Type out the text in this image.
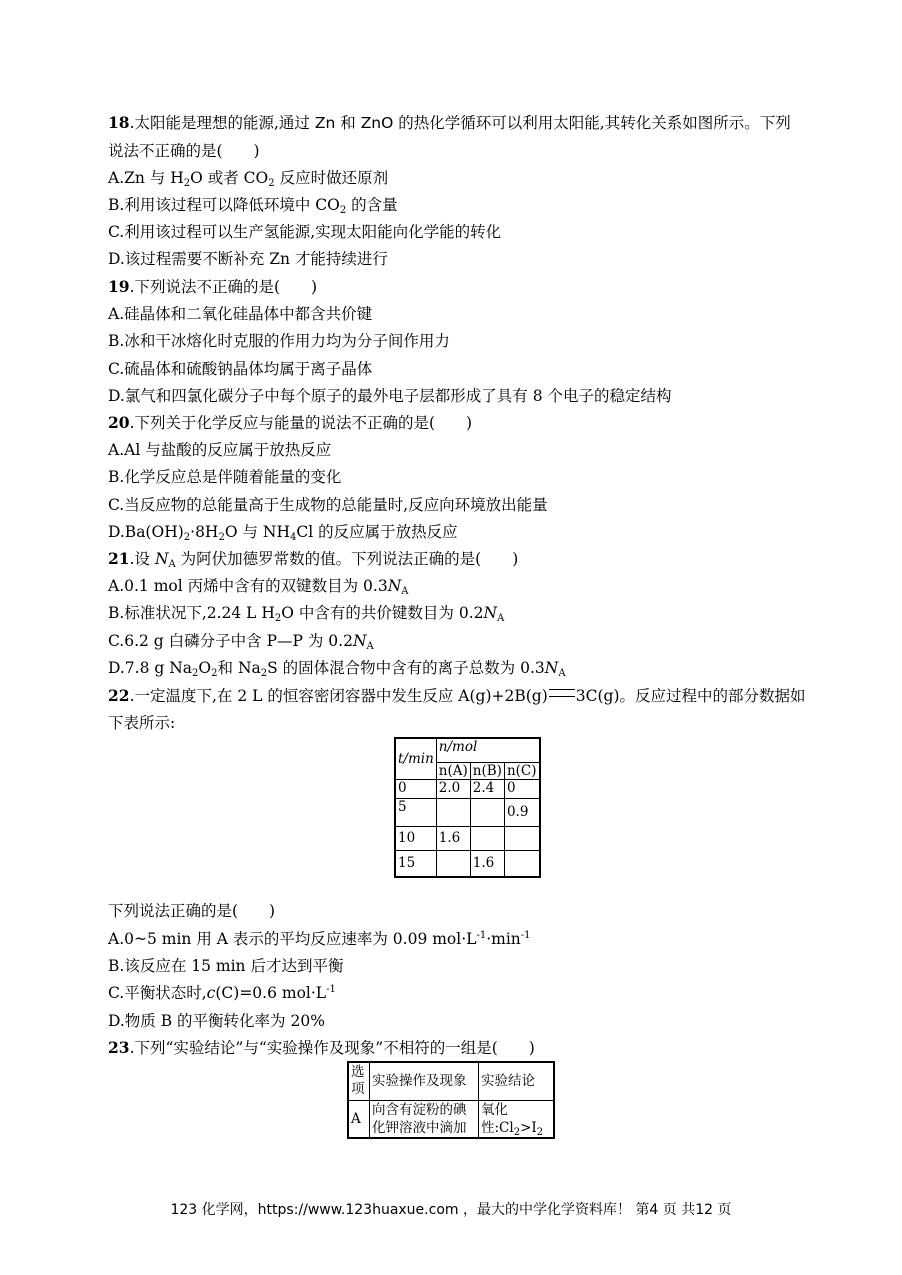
18.太阳能是理想的能源,通过 Zn 和 ZnO 的热化学循环可以利用太阳能,其转化关系如图所示。下列
说法不正确的是(　　)
A.Zn 与 $H_2O$ 或者 $CO_2$ 反应时做还原剂
B.利用该过程可以降低环境中 $CO_2$ 的含量
C.利用该过程可以生产氢能源,实现太阳能向化学能的转化
D.该过程需要不断补充 Zn 才能持续进行
19.下列说法不正确的是(　　)
A.硅晶体和二氧化硅晶体中都含共价键
B.冰和干冰熔化时克服的作用力均为分子间作用力
C.硫晶体和硫酸钠晶体均属于离子晶体
D.氯气和四氯化碳分子中每个原子的最外电子层都形成了具有 8 个电子的稳定结构
20.下列关于化学反应与能量的说法不正确的是(　　)
A.Al 与盐酸的反应属于放热反应
B.化学反应总是伴随着能量的变化
C.当反应物的总能量高于生成物的总能量时,反应向环境放出能量
$D.Ba(OH)_2\cdot 8H_2O$ 与 $NH_4Cl$ 的反应属于放热反应
21.设 $N_A$ 为阿伏加德罗常数的值。下列说法正确的是(　　)
A.0.1 mol 丙烯中含有的双键数目为 $0.3N_A$
B.标准状况下,2.24 L $H_2O$ 中含有的共价键数目为 $0.2N_A$
C.6.2 g 白磷分子中含 P—P 为 $0.2N_A$
D.7.8 g $Na_2O_2$和 $Na_2S$ 的固体混合物中含有的离子总数为 $0.3N_A$
22.一定温度下,在 2 L 的恒容密闭容器中发生反应 A(g)+2B(g) 3C(g)。反应过程中的部分数据如
下表所示:
t/min	n/mol		
	n(A)	n(B)	n(C)
0	2.0	2.4	0
5			0.9
10	1.6		
15		1.6	
下列说法正确的是(　　)
A.0~5 min 用 A 表示的平均反应速率为 0.09 $mol\cdot L^{-1}\cdot\min^{-1}$
B.该反应在 15 min 后才达到平衡
C.平衡状态时,c(C)=0.6 $mol\cdot L^{-1}$
D.物质 B 的平衡转化率为 20%
23.下列“实验结论”与“实验操作及现象”不相符的一组是(　　)
选项	实验操作及现象	实验结论
A	向含有淀粉的碘化钾溶液中滴加	氧化性$:Cl_2>I_2$
123 化学网，https://www.123huaxue.com ，最大的中学化学资料库！ 第4 页 共12 页
